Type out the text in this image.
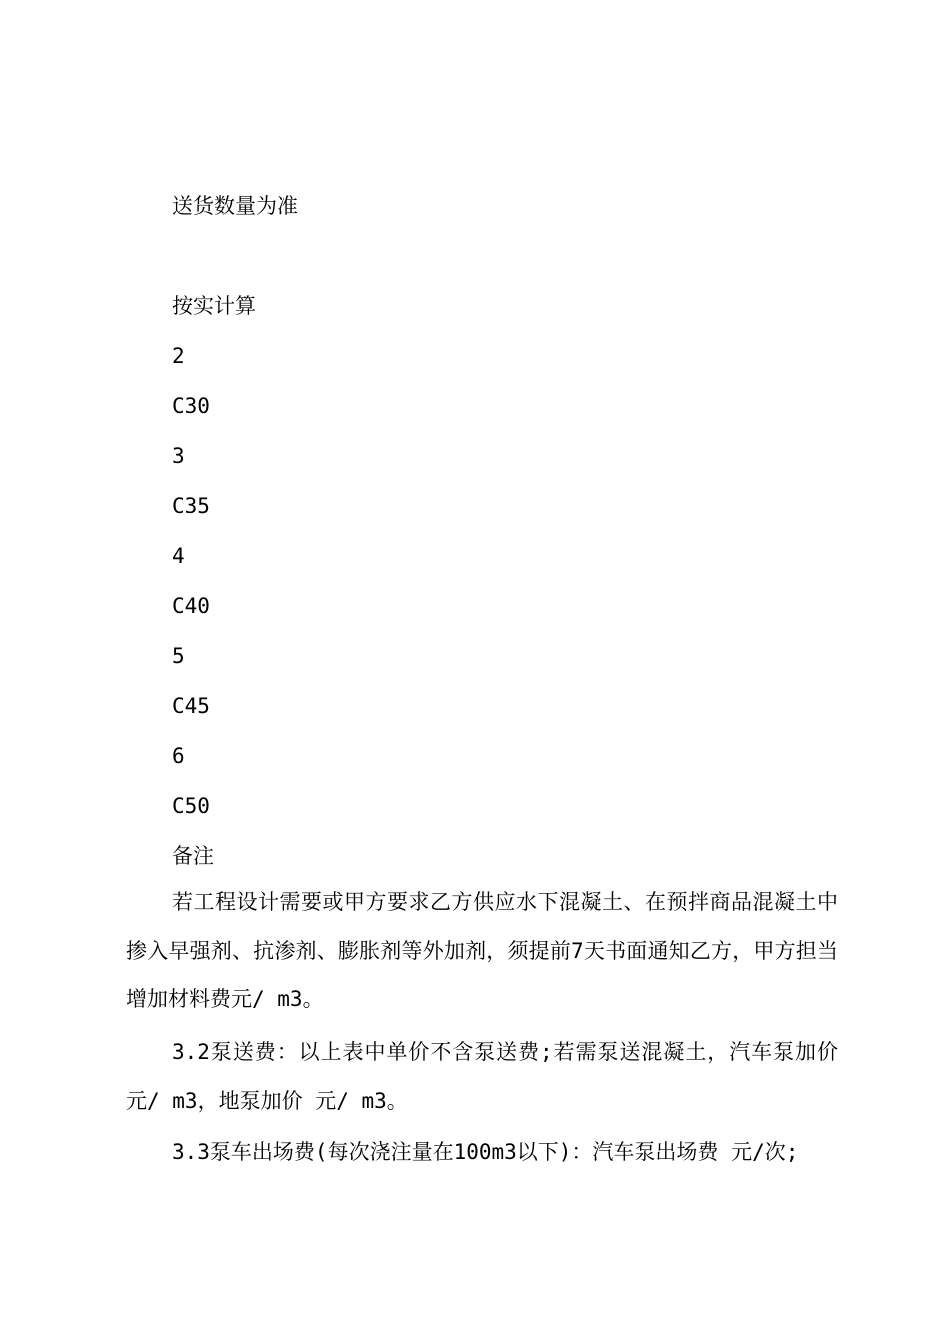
送货数量为准
按实计算
2
C30
3
C35
4
C40
5
C45
6
C50
备注
若工程设计需要或甲方要求乙方供应水下混凝土、在预拌商品混凝土中掺入早强剂、抗渗剂、膨胀剂等外加剂，须提前7天书面通知乙方，甲方担当增加材料费元/ m3。
3.2泵送费：以上表中单价不含泵送费;若需泵送混凝土，汽车泵加价 元/ m3，地泵加价 元/ m3。
3.3泵车出场费(每次浇注量在100m3以下)：汽车泵出场费 元/次;
